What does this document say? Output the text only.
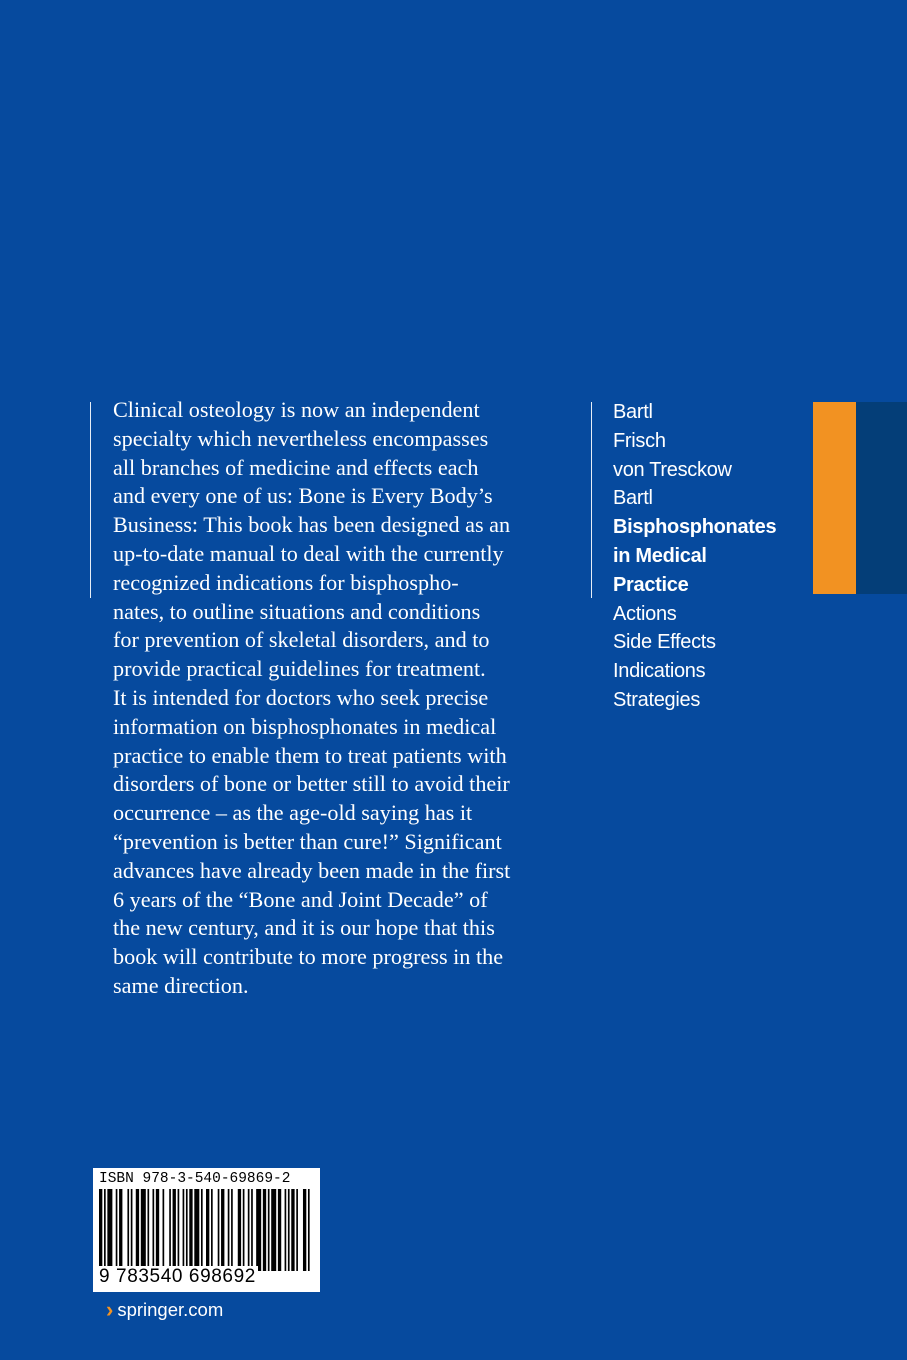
Clinical osteology is now an independent
specialty which nevertheless encompasses
all branches of medicine and effects each
and every one of us: Bone is Every Body’s
Business: This book has been designed as an
up-to-date manual to deal with the currently
recognized indications for bisphospho-
nates, to outline situations and conditions
for prevention of skeletal disorders, and to
provide practical guidelines for treatment.
It is intended for doctors who seek precise
information on bisphosphonates in medical
practice to enable them to treat patients with
disorders of bone or better still to avoid their
occurrence – as the age-old saying has it
“prevention is better than cure!” Significant
advances have already been made in the first
6 years of the “Bone and Joint Decade” of
the new century, and it is our hope that this
book will contribute to more progress in the
same direction.
Bartl
Frisch
von Tresckow
Bartl
Bisphosphonates
in Medical
Practice
Actions
Side Effects
Indications
Strategies
ISBN 978-3-540-69869-2
9 783540 698692
› springer.com
